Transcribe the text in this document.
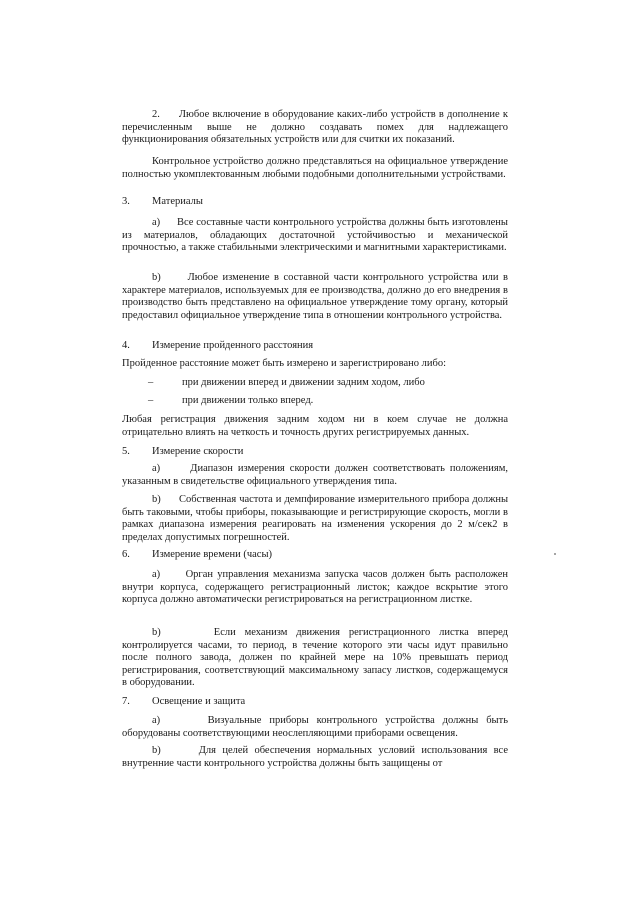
2.      Любое включение в оборудование каких-либо устройств в дополнение к перечисленным выше не должно создавать помех для надлежащего функционирования обязательных устройств или для считки их показаний.
Контрольное устройство должно представляться на официальное утверждение полностью укомплектованным любыми подобными дополнительными устройствами.
3. Материалы
a)      Все составные части контрольного устройства должны быть изготовлены из материалов, обладающих достаточной устойчивостью и механической прочностью, а также стабильными электрическими и магнитными характеристиками.
b)      Любое изменение в составной части контрольного устройства или в характере материалов, используемых для ее производства, должно до его внедрения в производство быть представлено на официальное утверждение тому органу, который предоставил официальное утверждение типа в отношении контрольного устройства.
4. Измерение пройденного расстояния
Пройденное расстояние может быть измерено и зарегистрировано либо:
–	при движении вперед и движении задним ходом, либо
–	при движении только вперед.
Любая регистрация движения задним ходом ни в коем случае не должна отрицательно влиять на четкость и точность других регистрируемых данных.
5. Измерение скорости
a)      Диапазон измерения скорости должен соответствовать положениям, указанным в свидетельстве официального утверждения типа.
b)      Собственная частота и демпфирование измерительного прибора должны быть таковыми, чтобы приборы, показывающие и регистрирующие скорость, могли в рамках диапазона измерения реагировать на изменения ускорения до 2 м/сек2 в пределах допустимых погрешностей.
6. Измерение времени (часы)
a)      Орган управления механизма запуска часов должен быть расположен внутри корпуса, содержащего регистрационный листок; каждое вскрытие этого корпуса должно автоматически регистрироваться на регистрационном листке.
b)      Если механизм движения регистрационного листка вперед контролируется часами, то период, в течение которого эти часы идут правильно после полного завода, должен по крайней мере на 10% превышать период регистрирования, соответствующий максимальному запасу листков, содержащемуся в оборудовании.
7. Освещение и защита
a)      Визуальные приборы контрольного устройства должны быть оборудованы соответствующими неослепляющими приборами освещения.
b)      Для целей обеспечения нормальных условий использования все внутренние части контрольного устройства должны быть защищены от
